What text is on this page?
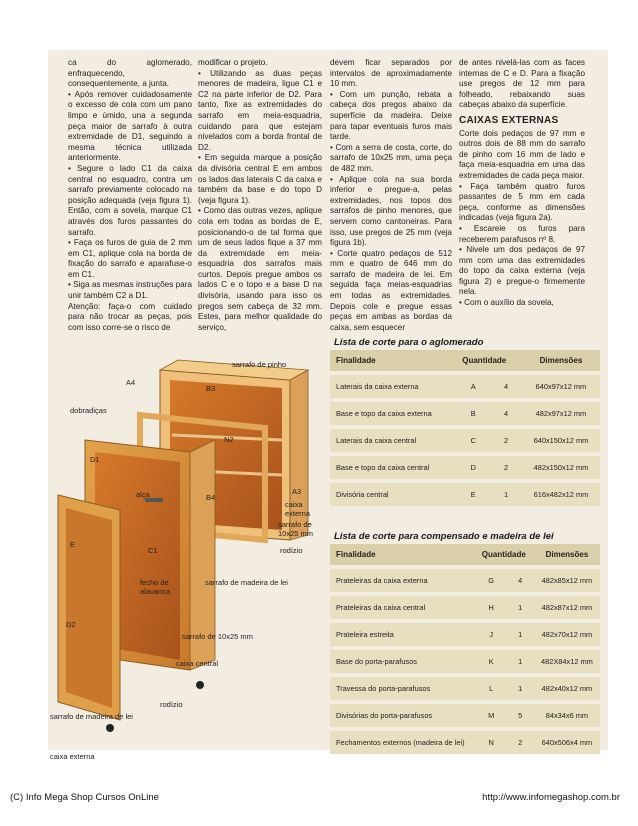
ca do aglomerado, enfraquecendo, consequentemente, a junta.

• Após remover cuidadosamente o excesso de cola com um pano limpo e úmido, una a segunda peça maior de sarrafo à outra extremidade de D1, seguindo a mesma técnica utilizada anteriormente.

• Segure o lado C1 da caixa central no esquadro, contra um sarrafo previamente colocado na posição adequada (veja figura 1). Então, com a sovela, marque C1 através dos furos passantes do sarrafo.

• Faça os furos de guia de 2 mm em C1, aplique cola na borda de fixação do sarrafo e aparafuse-o em C1.

• Siga as mesmas instruções para unir também C2 a D1.

Atenção: faça-o com cuidado para não trocar as peças, pois com isso corre-se o risco de

modificar o projeto.

• Utilizando as duas peças menores de madeira, ligue C1 e C2 na parte inferior de D2. Para tanto, fixe as extremidades do sarrafo em meia-esquadria, cuidando para que estejam nivelados com a borda frontal de D2.

• Em seguida marque a posição da divisória central E em ambos os lados das laterais C da caixa e também da base e do topo D (veja figura 1).

• Como das outras vezes, aplique cola em todas as bordas de E, posicionando-o de tal forma que um de seus lados fique a 37 mm da extremidade em meia-esquadria dos sarrafos mais curtos. Depois pregue ambos os lados C e o topo e a base D na divisória, usando para isso os pregos sem cabeça de 32 mm. Estes, para melhor qualidade do serviço,

devem ficar separados por intervalos de aproximadamente 10 mm.

• Com um punção, rebata a cabeça dos pregos abaixo da superfície da madeira. Deixe para tapar eventuais furos mais tarde.

• Com a serra de costa, corte, do sarrafo de 10x25 mm, uma peça de 482 mm.

• Aplique cola na sua borda inferior e pregue-a, pelas extremidades, nos topos dos sarrafos de pinho menores, que servem como cantoneiras. Para isso, use pregos de 25 mm (veja figura 1b).

• Corte quatro pedaços de 512 mm e quatro de 646 mm do sarrafo de madeira de lei. Em seguida faça meias-esquadrias em todas as extremidades. Depois cole e pregue essas peças em ambas as bordas da caixa, sem esquecer

de antes nivelá-las com as faces internas de C e D. Para a fixação use pregos de 12 mm para folheado, rebaixando suas cabeças abaixo da superfície.

CAIXAS EXTERNAS

Corte dois pedaços de 97 mm e outros dois de 88 mm do sarrafo de pinho com 16 mm de lado e faça meia-esquadria em uma das extremidades de cada peça maior.

• Faça também quatro furos passantes de 5 mm em cada peça, conforme as dimensões indicadas (veja figura 2a).

• Escareie os furos para receberem parafusos nº 8.

• Nivele um dos pedaços de 97 mm com uma das extremidades do topo da caixa externa (veja figura 2) e pregue-o firmemente nela.

• Com o auxílio da sovela,

sarrafo de pinho
A4
B3
dobradiças
N2
D1
alça	B4
A3
caixa externa
sarrafo de 10x25 mm
rodízio
E
C1
fecho de alavanca
sarrafo de madeira de lei
D2
sarrafo de 10x25 mm
caixa central
rodízio
sarrafo de madeira de lei
caixa externa
Lista de corte para o aglomerado
Finalidade	Quantidade		Dimensões
Laterais da caixa externa	A	4	640x97x12 mm
Base e topo da caixa externa	B	4	482x97x12 mm
Laterais da caixa central	C	2	640x150x12 mm
Base e topo da caixa central	D	2	482x150x12 mm
Divisória central	E	1	616x482x12 mm
Lista de corte para compensado e madeira de lei
Finalidade	Quantidade		Dimensões
Prateleiras da caixa externa	G	4	482x85x12 mm
Prateleiras da caixa central	H	1	482x87x12 mm
Prateleira estreita	J	1	482x70x12 mm
Base do porta-parafusos	K	1	482X84x12 mm
Travessa do porta-parafusos	L	1	482x40x12 mm
Divisórias do porta-parafusos	M	5	84x34x6 mm
Fechamentos externos (madeira de lei)	N	2	640x506x4 mm
(C) Info Mega Shop Cursos OnLine	http://www.infomegashop.com.br
